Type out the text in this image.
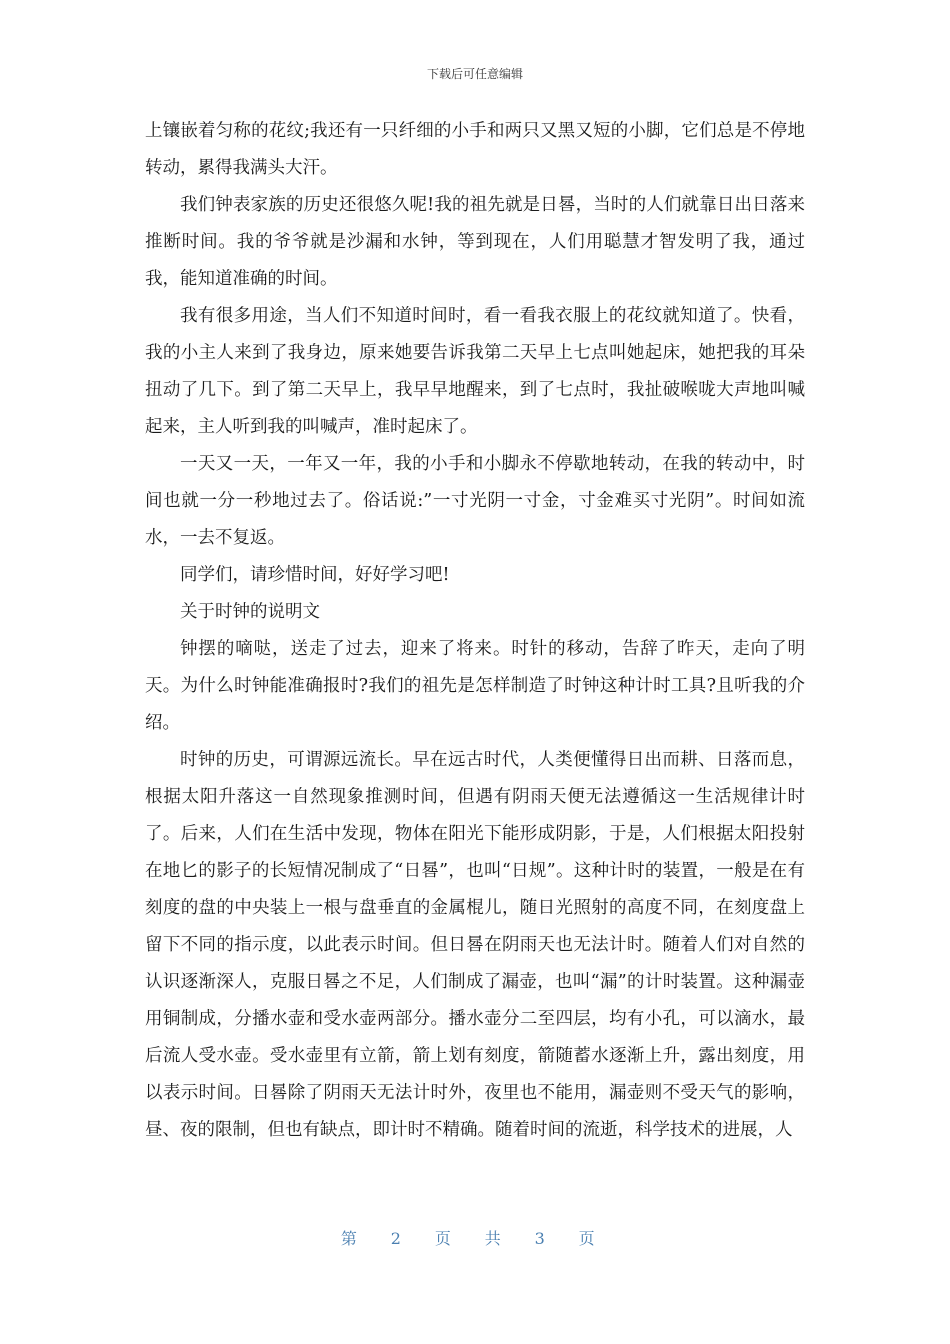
下载后可任意编辑

上镶嵌着匀称的花纹;我还有一只纤细的小手和两只又黑又短的小脚，它们总是不停地转动，累得我满头大汗。

我们钟表家族的历史还很悠久呢!我的祖先就是日晷，当时的人们就靠日出日落来推断时间。我的爷爷就是沙漏和水钟，等到现在，人们用聪慧才智发明了我，通过我，能知道准确的时间。

我有很多用途，当人们不知道时间时，看一看我衣服上的花纹就知道了。快看，我的小主人来到了我身边，原来她要告诉我第二天早上七点叫她起床，她把我的耳朵扭动了几下。到了第二天早上，我早早地醒来，到了七点时，我扯破喉咙大声地叫喊起来，主人听到我的叫喊声，准时起床了。

一天又一天，一年又一年，我的小手和小脚永不停歇地转动，在我的转动中，时间也就一分一秒地过去了。俗话说:”一寸光阴一寸金，寸金难买寸光阴”。时间如流水，一去不复返。

同学们，请珍惜时间，好好学习吧!

关于时钟的说明文

钟摆的嘀哒，送走了过去，迎来了将来。时针的移动，告辞了昨天，走向了明天。为什么时钟能准确报时?我们的祖先是怎样制造了时钟这种计时工具?且听我的介绍。

时钟的历史，可谓源远流长。早在远古时代，人类便懂得日出而耕、日落而息，根据太阳升落这一自然现象推测时间，但遇有阴雨天便无法遵循这一生活规律计时了。后来，人们在生活中发现，物体在阳光下能形成阴影，于是，人们根据太阳投射在地匕的影子的长短情况制成了“日晷”，也叫“日规”。这种计时的装置，一般是在有刻度的盘的中央装上一根与盘垂直的金属棍儿，随日光照射的高度不同，在刻度盘上留下不同的指示度，以此表示时间。但日晷在阴雨天也无法计时。随着人们对自然的认识逐渐深人，克服日晷之不足，人们制成了漏壶，也叫“漏”的计时装置。这种漏壶用铜制成，分播水壶和受水壶两部分。播水壶分二至四层，均有小孔，可以滴水，最后流人受水壶。受水壶里有立箭，箭上划有刻度，箭随蓄水逐渐上升，露出刻度，用以表示时间。日晷除了阴雨天无法计时外，夜里也不能用，漏壶则不受天气的影响，昼、夜的限制，但也有缺点，即计时不精确。随着时间的流逝，科学技术的进展，人

第 2 页 共 3 页
